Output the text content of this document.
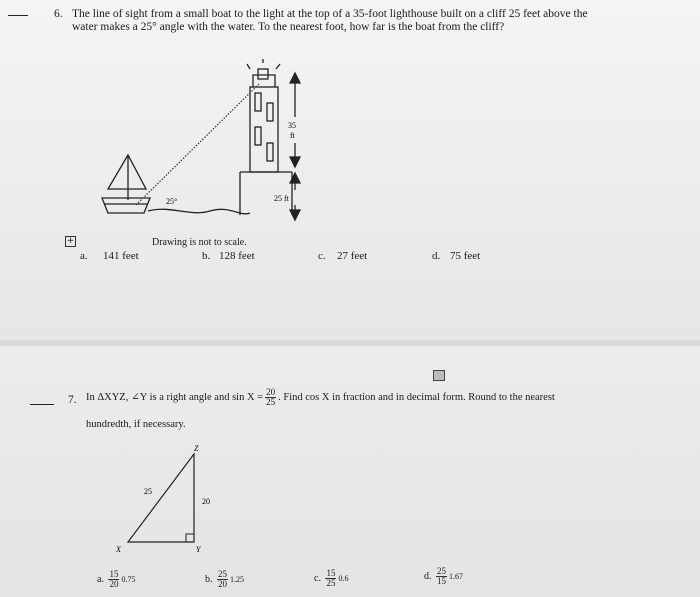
6. The line of sight from a small boat to the light at the top of a 35-foot lighthouse built on a cliff 25 feet above the
water makes a 25° angle with the water. To the nearest foot, how far is the boat from the cliff?
35
ft
25 ft
25°
+	Drawing is not to scale.
a. 141 feet	b. 128 feet	c. 27 feet	d. 75 feet
7. In ΔXYZ, ∠Y is a right angle and $\sin X = \frac{20}{25}$ . Find cos X in fraction and in decimal form. Round to the nearest
hundredth, if necessary.
Z
X	Y
25
20
a. $\frac{15}{20} 0.75$	b. $\frac{25}{20} 1.25$	c. $\frac{15}{25} 0.6$	d. $\frac{25}{15} 1.67$
